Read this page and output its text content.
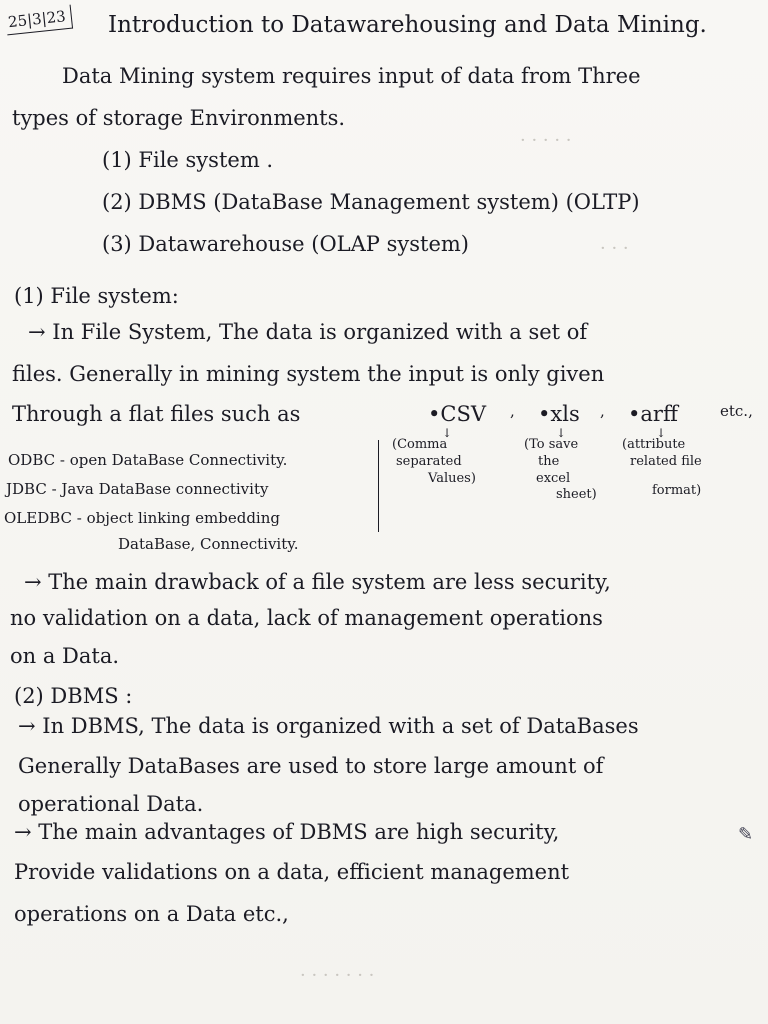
· · · · ·
· · ·
· · · · · · ·
25|3|23 Introduction to Datawarehousing and Data Mining.
Data Mining system requires input of data from Three
types of storage Environments.
(1) File system .
(2) DBMS (DataBase Management system) (OLTP)
(3) Datawarehouse (OLAP system)
(1) File system:
→ In File System, The data is organized with a set of
files. Generally in mining system the input is only given
Through a flat files such as	•CSV , •xls , •arff	etc.,
↓	↓	↓
(Comma
separated
Values)
(To save
the
excel
sheet)
(attribute
related file
format)
ODBC - open DataBase Connectivity.
JDBC - Java DataBase connectivity
OLEDBC - object linking embedding
DataBase, Connectivity.
→ The main drawback of a file system are less security,
no validation on a data, lack of management operations
on a Data.
(2) DBMS :
→ In DBMS, The data is organized with a set of DataBases
Generally DataBases are used to store large amount of
operational Data.
→ The main advantages of DBMS are high security,
Provide validations on a data, efficient management
operations on a Data etc.,
✎
